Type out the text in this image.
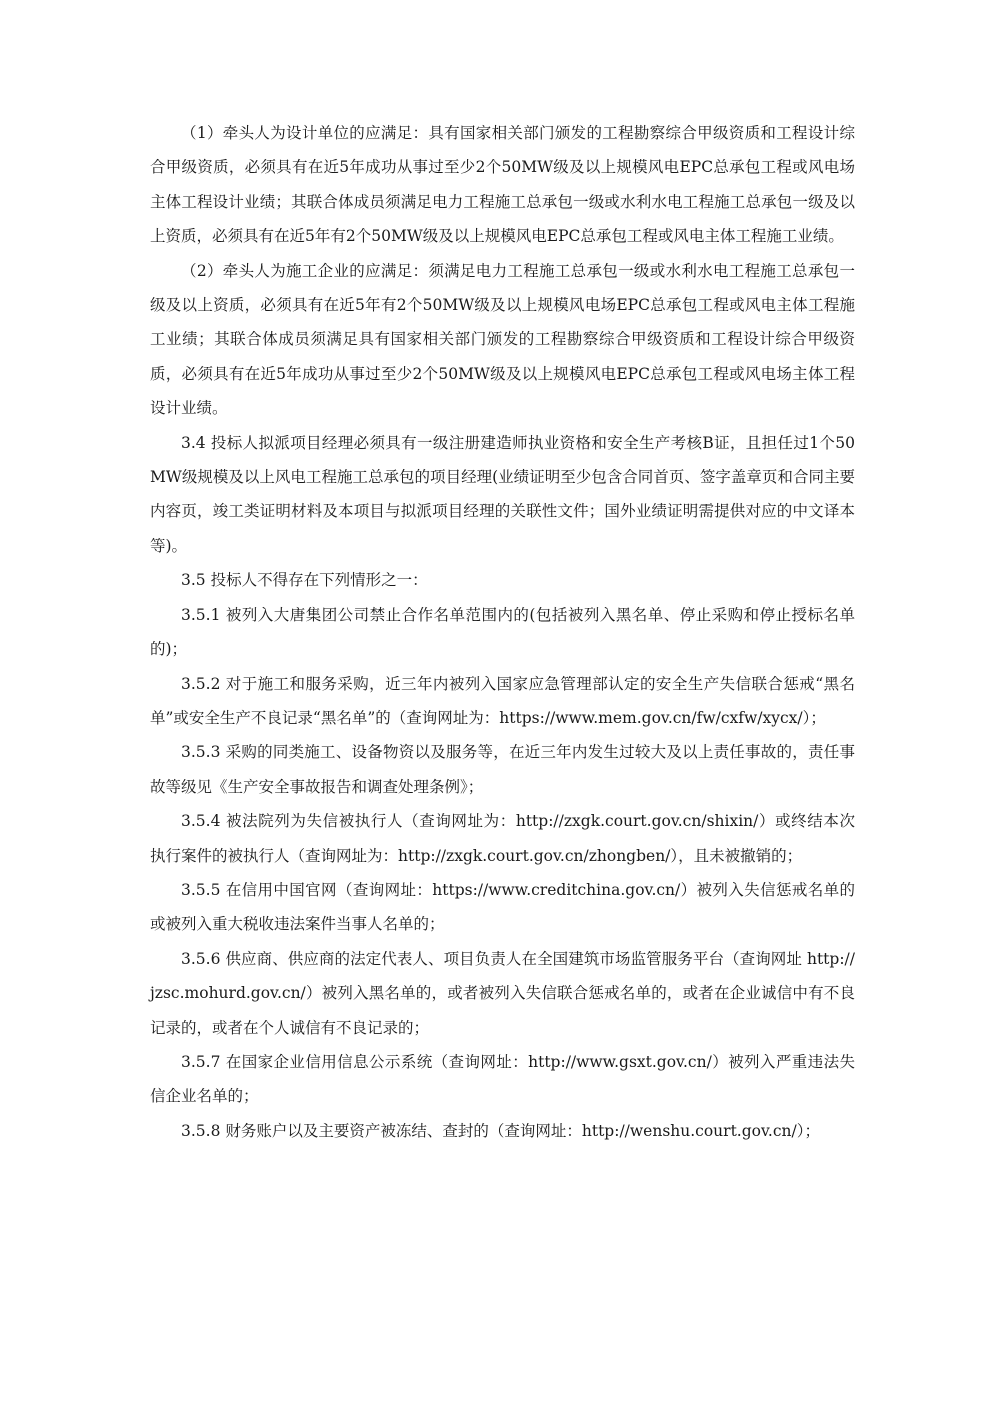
（1）牵头人为设计单位的应满足：具有国家相关部门颁发的工程勘察综合甲级资质和工程设计综合甲级资质，必须具有在近5年成功从事过至少2个50MW级及以上规模风电EPC总承包工程或风电场主体工程设计业绩；其联合体成员须满足电力工程施工总承包一级或水利水电工程施工总承包一级及以上资质，必须具有在近5年有2个50MW级及以上规模风电EPC总承包工程或风电主体工程施工业绩。

（2）牵头人为施工企业的应满足：须满足电力工程施工总承包一级或水利水电工程施工总承包一级及以上资质，必须具有在近5年有2个50MW级及以上规模风电场EPC总承包工程或风电主体工程施工业绩；其联合体成员须满足具有国家相关部门颁发的工程勘察综合甲级资质和工程设计综合甲级资质，必须具有在近5年成功从事过至少2个50MW级及以上规模风电EPC总承包工程或风电场主体工程设计业绩。

3.4 投标人拟派项目经理必须具有一级注册建造师执业资格和安全生产考核B证，且担任过1个50MW级规模及以上风电工程施工总承包的项目经理(业绩证明至少包含合同首页、签字盖章页和合同主要内容页，竣工类证明材料及本项目与拟派项目经理的关联性文件；国外业绩证明需提供对应的中文译本等)。

3.5 投标人不得存在下列情形之一：

3.5.1 被列入大唐集团公司禁止合作名单范围内的(包括被列入黑名单、停止采购和停止授标名单的)；

3.5.2 对于施工和服务采购，近三年内被列入国家应急管理部认定的安全生产失信联合惩戒“黑名单”或安全生产不良记录“黑名单”的（查询网址为：https://www.mem.gov.cn/fw/cxfw/xycx/）；

3.5.3 采购的同类施工、设备物资以及服务等，在近三年内发生过较大及以上责任事故的，责任事故等级见《生产安全事故报告和调查处理条例》；

3.5.4 被法院列为失信被执行人（查询网址为：http://zxgk.court.gov.cn/shixin/）或终结本次执行案件的被执行人（查询网址为：http://zxgk.court.gov.cn/zhongben/），且未被撤销的；

3.5.5 在信用中国官网（查询网址：https://www.creditchina.gov.cn/）被列入失信惩戒名单的或被列入重大税收违法案件当事人名单的；

3.5.6 供应商、供应商的法定代表人、项目负责人在全国建筑市场监管服务平台（查询网址 http://jzsc.mohurd.gov.cn/）被列入黑名单的，或者被列入失信联合惩戒名单的，或者在企业诚信中有不良记录的，或者在个人诚信有不良记录的；

3.5.7 在国家企业信用信息公示系统（查询网址：http://www.gsxt.gov.cn/）被列入严重违法失信企业名单的；

3.5.8 财务账户以及主要资产被冻结、查封的（查询网址：http://wenshu.court.gov.cn/）；
